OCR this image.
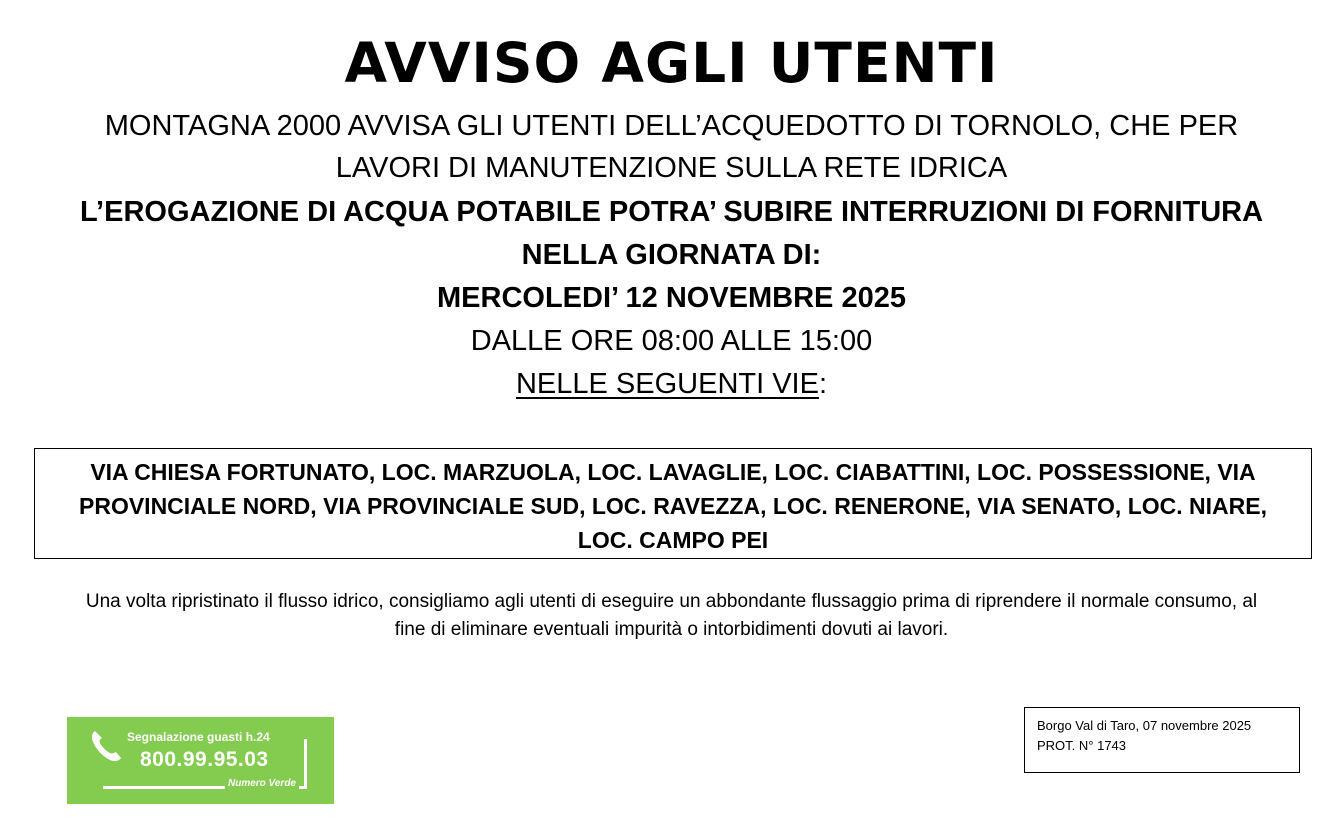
AVVISO AGLI UTENTI
MONTAGNA 2000 AVVISA GLI UTENTI DELL’ACQUEDOTTO DI TORNOLO, CHE PER
LAVORI DI MANUTENZIONE SULLA RETE IDRICA
L’EROGAZIONE DI ACQUA POTABILE POTRA’ SUBIRE INTERRUZIONI DI FORNITURA
NELLA GIORNATA DI:
MERCOLEDI’ 12 NOVEMBRE 2025
DALLE ORE 08:00 ALLE 15:00
NELLE SEGUENTI VIE:
VIA CHIESA FORTUNATO, LOC. MARZUOLA, LOC. LAVAGLIE, LOC. CIABATTINI, LOC. POSSESSIONE, VIA PROVINCIALE NORD, VIA PROVINCIALE SUD, LOC. RAVEZZA, LOC. RENERONE, VIA SENATO, LOC. NIARE, LOC. CAMPO PEI

Una volta ripristinato il flusso idrico, consigliamo agli utenti di eseguire un abbondante flussaggio prima di riprendere il normale consumo, al fine di eliminare eventuali impurità o intorbidimenti dovuti ai lavori.

Segnalazione guasti h.24
800.99.95.03
Numero Verde
Borgo Val di Taro, 07 novembre 2025
PROT. N° 1743
